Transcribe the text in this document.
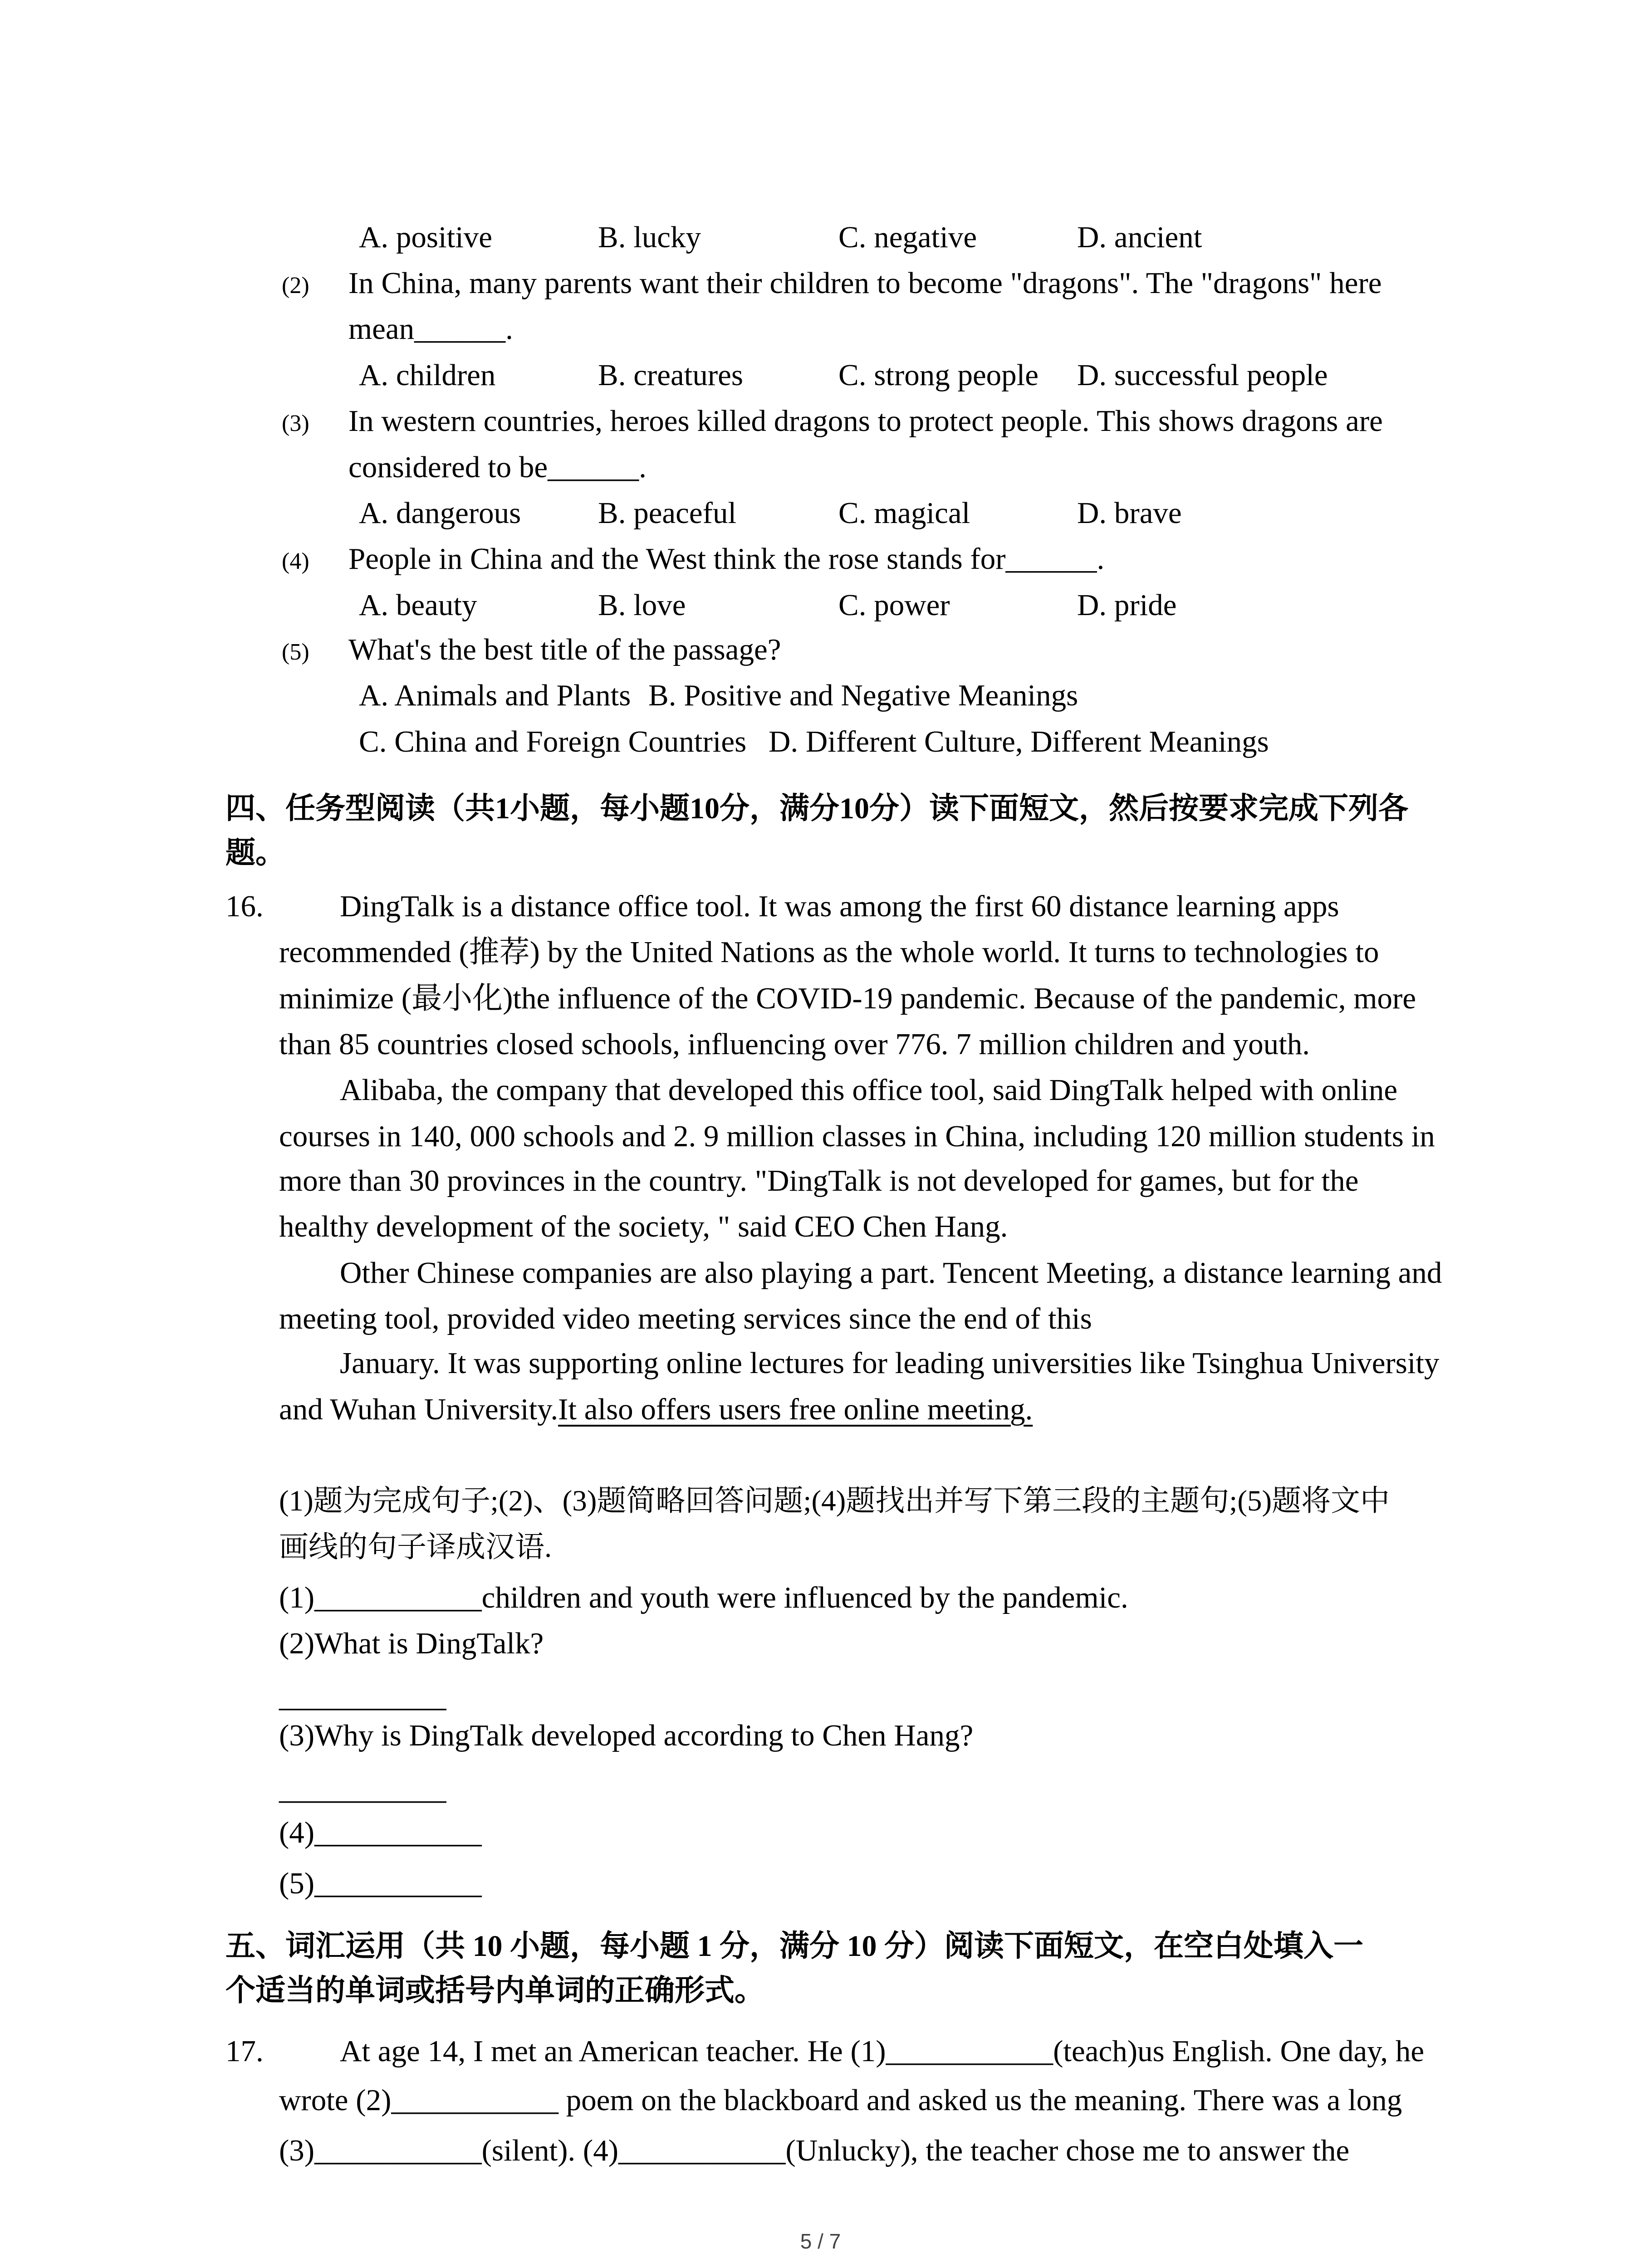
A. positive	B. lucky	C. negative	D. ancient
(2) In China, many parents want their children to become "dragons". The "dragons" here
mean______.
A. children	B. creatures	C. strong people D. successful people
(3) In western countries, heroes killed dragons to protect people. This shows dragons are
considered to be______.
A. dangerous	B. peaceful	C. magical	D. brave
(4) People in China and the West think the rose stands for______.
A. beauty	B. love	C. power	D. pride
(5) What's the best title of the passage?
A. Animals and Plants B. Positive and Negative Meanings
C. China and Foreign Countries D. Different Culture, Different Meanings
四、任务型阅读（共1小题，每小题10分，满分10分）读下面短文，然后按要求完成下列各
题。
16.	DingTalk is a distance office tool. It was among the first 60 distance learning apps
recommended (推荐) by the United Nations as the whole world. It turns to technologies to
minimize (最小化)the influence of the COVID-19 pandemic. Because of the pandemic, more
than 85 countries closed schools, influencing over 776. 7 million children and youth.
Alibaba, the company that developed this office tool, said DingTalk helped with online
courses in 140, 000 schools and 2. 9 million classes in China, including 120 million students in
more than 30 provinces in the country. "DingTalk is not developed for games, but for the
healthy development of the society, " said CEO Chen Hang.
Other Chinese companies are also playing a part. Tencent Meeting, a distance learning and
meeting tool, provided video meeting services since the end of this
January. It was supporting online lectures for leading universities like Tsinghua University
and Wuhan University.It also offers users free online meeting.
(1)题为完成句子;(2)、(3)题简略回答问题;(4)题找出并写下第三段的主题句;(5)题将文中
画线的句子译成汉语.
(1)___________children and youth were influenced by the pandemic.
(2)What is DingTalk?
___________
(3)Why is DingTalk developed according to Chen Hang?
___________
(4)___________
(5)___________
五、词汇运用（共 10 小题，每小题 1 分，满分 10 分）阅读下面短文，在空白处填入一
个适当的单词或括号内单词的正确形式。
17.	At age 14, I met an American teacher. He (1)___________(teach)us English. One day, he
wrote (2)___________ poem on the blackboard and asked us the meaning. There was a long
(3)___________(silent). (4)___________(Unlucky), the teacher chose me to answer the
5 / 7
